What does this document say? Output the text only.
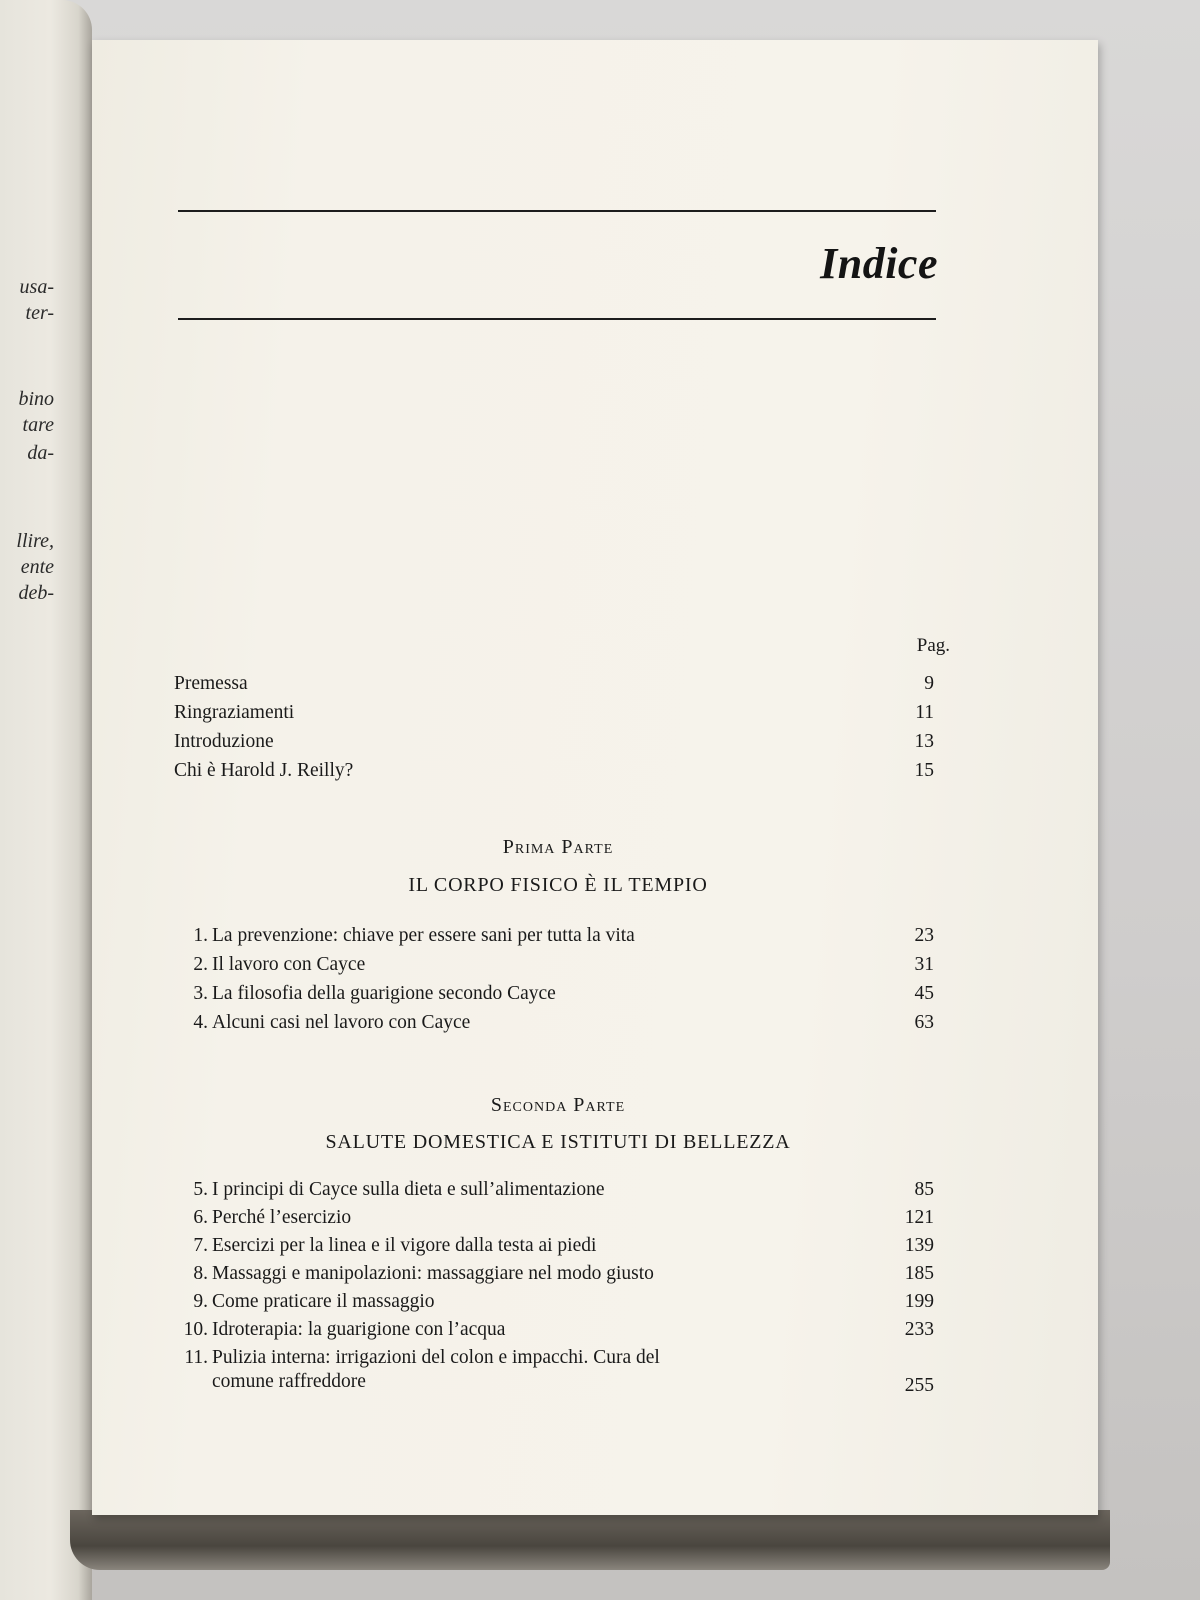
usa-
ter-
bino
tare
da-
llire,
ente
deb-
Indice
Pag.
Premessa	9
Ringraziamenti	11
Introduzione	13
Chi è Harold J. Reilly?	15
Prima Parte
IL CORPO FISICO È IL TEMPIO
1. La prevenzione: chiave per essere sani per tutta la vita	23
2. Il lavoro con Cayce	31
3. La filosofia della guarigione secondo Cayce	45
4. Alcuni casi nel lavoro con Cayce	63
Seconda Parte
SALUTE DOMESTICA E ISTITUTI DI BELLEZZA
5. I principi di Cayce sulla dieta e sull’alimentazione	85
6. Perché l’esercizio	121
7. Esercizi per la linea e il vigore dalla testa ai piedi	139
8. Massaggi e manipolazioni: massaggiare nel modo giusto	185
9. Come praticare il massaggio	199
10. Idroterapia: la guarigione con l’acqua	233
11. Pulizia interna: irrigazioni del colon e impacchi. Cura del
comune raffreddore	255
